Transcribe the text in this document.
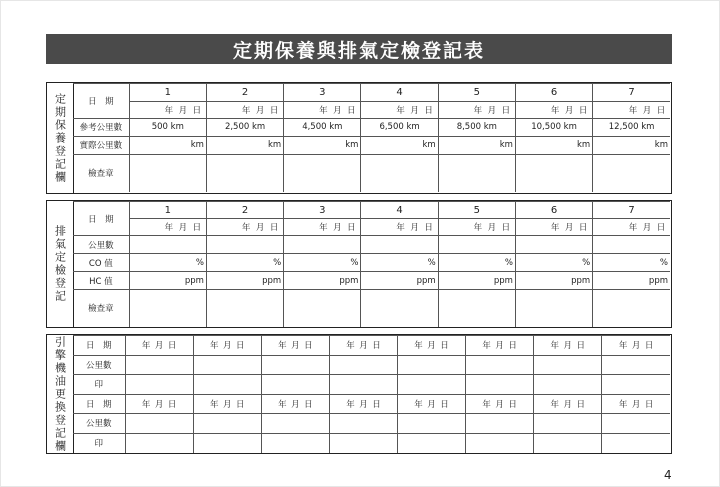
定期保養與排氣定檢登記表
定期保養登記欄	日　期	1	2	3	4	5	6	7
	年 月 日	年 月 日	年 月 日	年 月 日	年 月 日	年 月 日	年 月 日
參考公里數	500 km	2,500 km	4,500 km	6,500 km	8,500 km	10,500 km	12,500 km
實際公里數	km	km	km	km	km	km	km
檢查章							
排氣定檢登記
日　期	1	2	3	4	5	6	7
	年 月 日	年 月 日	年 月 日	年 月 日	年 月 日	年 月 日	年 月 日
公里數							
CO 值	%	%	%	%	%	%	%
HC 值	ppm	ppm	ppm	ppm	ppm	ppm	ppm
檢查章							
引擎機油更換登記欄 日　期	年 月 日	年 月 日	年 月 日	年 月 日	年 月 日	年 月 日	年 月 日	年 月 日
公里數								
印								
日　期	年 月 日	年 月 日	年 月 日	年 月 日	年 月 日	年 月 日	年 月 日	年 月 日
公里數								
印								
4
